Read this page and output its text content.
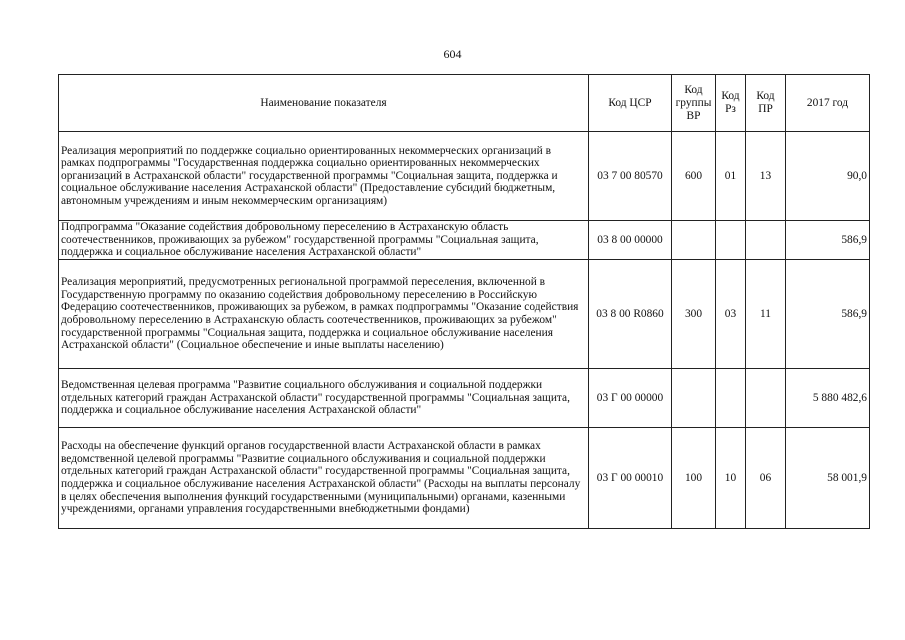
604
Наименование показателя	Код ЦСР	Код группы ВР	Код Рз	Код ПР	2017 год
Реализация мероприятий по поддержке социально ориентированных некоммерческих организаций в рамках подпрограммы "Государственная поддержка социально ориентированных некоммерческих организаций в Астраханской области" государственной программы "Социальная защита, поддержка и социальное обслуживание населения Астраханской области" (Предоставление субсидий бюджетным, автономным учреждениям и иным некоммерческим организациям)	03 7 00 80570	600	01	13	90,0
Подпрограмма "Оказание содействия добровольному переселению в Астраханскую область соотечественников, проживающих за рубежом" государственной программы "Социальная защита, поддержка и социальное обслуживание населения Астраханской области"	03 8 00 00000				586,9
Реализация мероприятий, предусмотренных региональной программой переселения, включенной в Государственную программу по оказанию содействия добровольному переселению в Российскую Федерацию соотечественников, проживающих за рубежом, в рамках подпрограммы "Оказание содействия добровольному переселению в Астраханскую область соотечественников, проживающих за рубежом" государственной программы "Социальная защита, поддержка и социальное обслуживание населения Астраханской области" (Социальное обеспечение и иные выплаты населению)	03 8 00 R0860	300	03	11	586,9
Ведомственная целевая программа "Развитие социального обслуживания и социальной поддержки отдельных категорий граждан Астраханской области" государственной программы "Социальная защита, поддержка и социальное обслуживание населения Астраханской области"	03 Г 00 00000				5 880 482,6
Расходы на обеспечение функций органов государственной власти Астраханской области в рамках ведомственной целевой программы "Развитие социального обслуживания и социальной поддержки отдельных категорий граждан Астраханской области" государственной программы "Социальная защита, поддержка и социальное обслуживание населения Астраханской области" (Расходы на выплаты персоналу в целях обеспечения выполнения функций государственными (муниципальными) органами, казенными учреждениями, органами управления государственными внебюджетными фондами)	03 Г 00 00010	100	10	06	58 001,9
